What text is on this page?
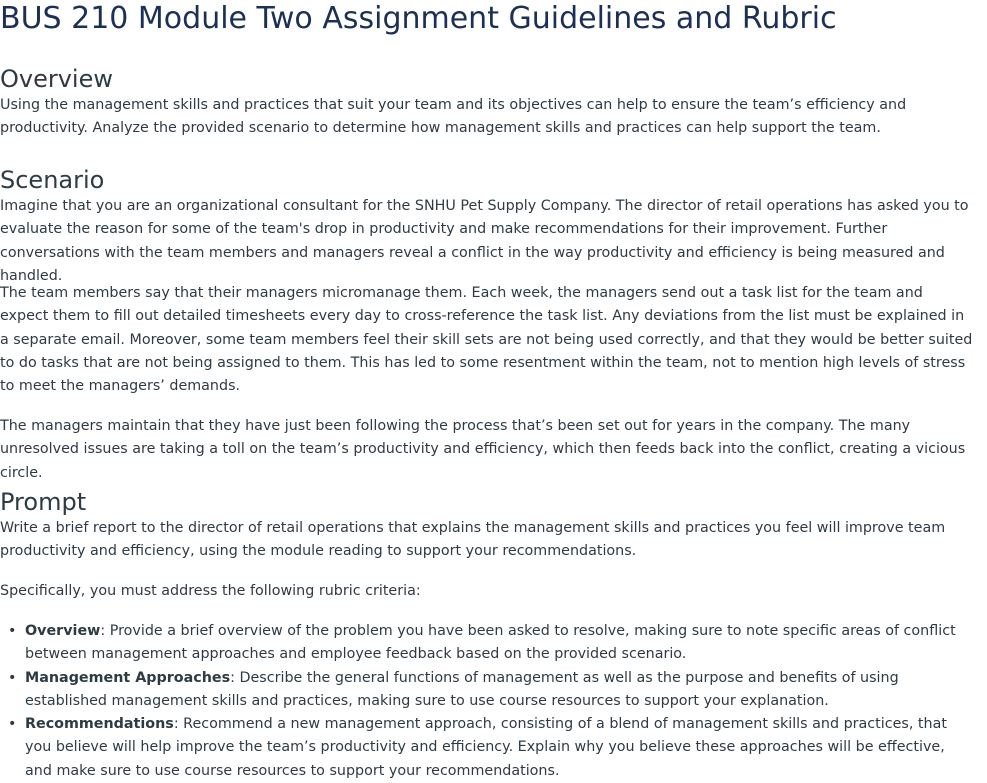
BUS 210 Module Two Assignment Guidelines and Rubric
Overview

Using the management skills and practices that suit your team and its objectives can help to ensure the team’s efficiency and productivity. Analyze the provided scenario to determine how management skills and practices can help support the team.

Scenario

Imagine that you are an organizational consultant for the SNHU Pet Supply Company. The director of retail operations has asked you to evaluate the reason for some of the team's drop in productivity and make recommendations for their improvement. Further conversations with the team members and managers reveal a conflict in the way productivity and efficiency is being measured and handled.

The team members say that their managers micromanage them. Each week, the managers send out a task list for the team and expect them to fill out detailed timesheets every day to cross-reference the task list. Any deviations from the list must be explained in a separate email. Moreover, some team members feel their skill sets are not being used correctly, and that they would be better suited to do tasks that are not being assigned to them. This has led to some resentment within the team, not to mention high levels of stress to meet the managers’ demands.

The managers maintain that they have just been following the process that’s been set out for years in the company. The many unresolved issues are taking a toll on the team’s productivity and efficiency, which then feeds back into the conflict, creating a vicious circle.

Prompt

Write a brief report to the director of retail operations that explains the management skills and practices you feel will improve team productivity and efficiency, using the module reading to support your recommendations.

Specifically, you must address the following rubric criteria:

• Overview: Provide a brief overview of the problem you have been asked to resolve, making sure to note specific areas of conflict between management approaches and employee feedback based on the provided scenario.
• Management Approaches: Describe the general functions of management as well as the purpose and benefits of using established management skills and practices, making sure to use course resources to support your explanation.
• Recommendations: Recommend a new management approach, consisting of a blend of management skills and practices, that you believe will help improve the team’s productivity and efficiency. Explain why you believe these approaches will be effective, and make sure to use course resources to support your recommendations.
